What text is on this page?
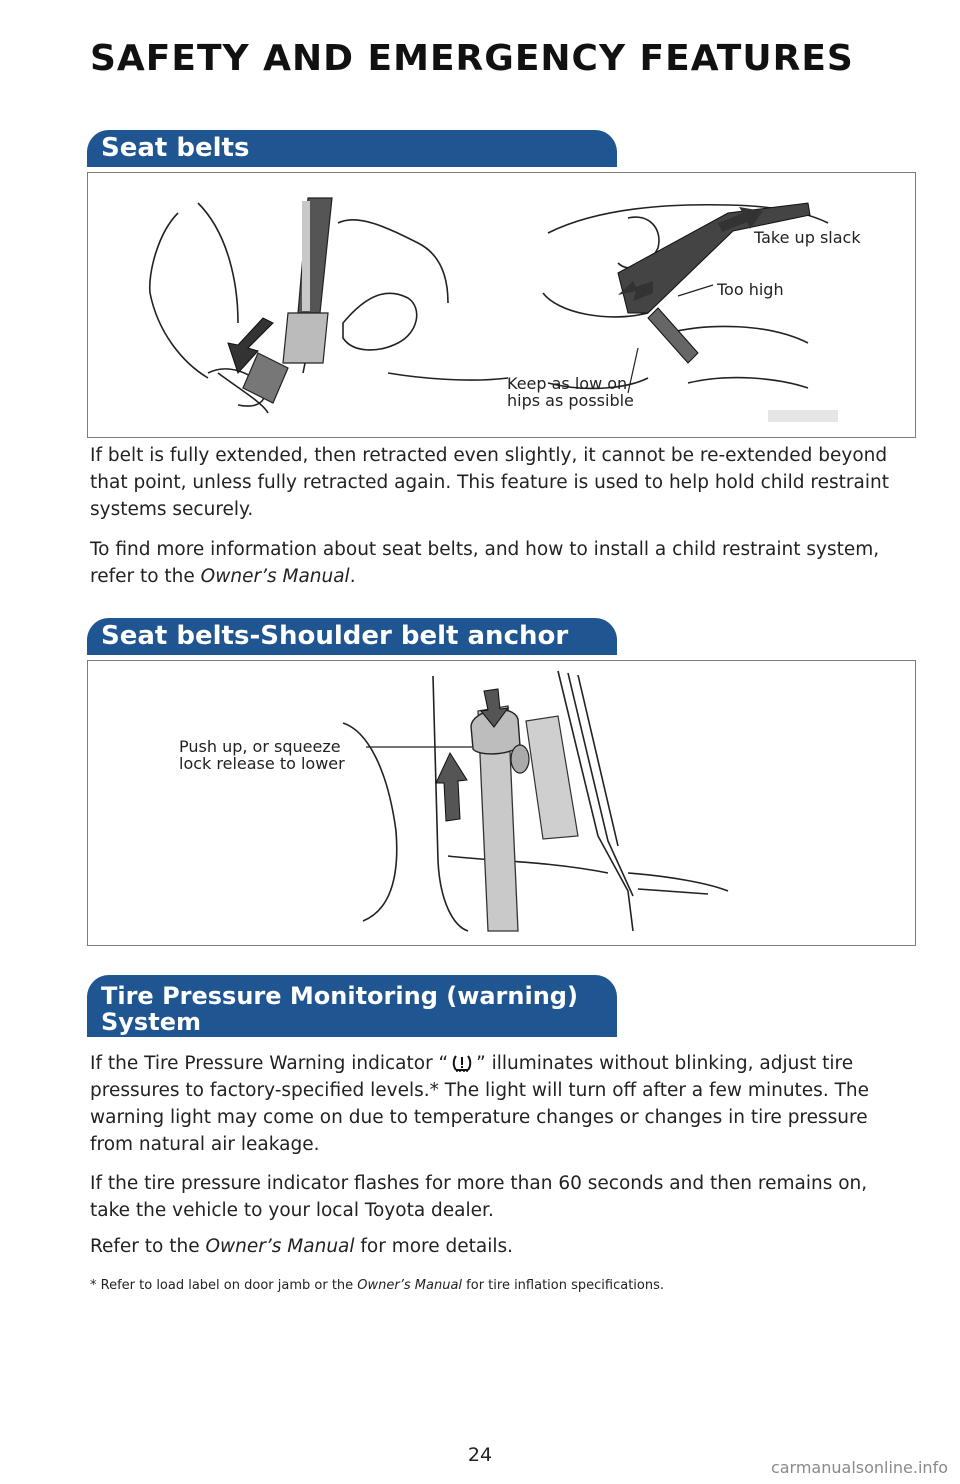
SAFETY AND EMERGENCY FEATURES
Seat belts
Take up slack
Too high
Keep as low on
hips as possible

If belt is fully extended, then retracted even slightly, it cannot be re-extended beyond that point, unless fully retracted again. This feature is used to help hold child restraint systems securely.

To find more information about seat belts, and how to install a child restraint system, refer to the Owner’s Manual.

Seat belts-Shoulder belt anchor
Push up, or squeeze
lock release to lower
Tire Pressure Monitoring (warning)
System

If the Tire Pressure Warning indicator “ ” illuminates without blinking, adjust tire pressures to factory-specified levels.* The light will turn off after a few minutes. The warning light may come on due to temperature changes or changes in tire pressure from natural air leakage.

If the tire pressure indicator flashes for more than 60 seconds and then remains on, take the vehicle to your local Toyota dealer.

Refer to the Owner’s Manual for more details.

* Refer to load label on door jamb or the Owner’s Manual for tire inflation specifications.

24
carmanualsonline.info
